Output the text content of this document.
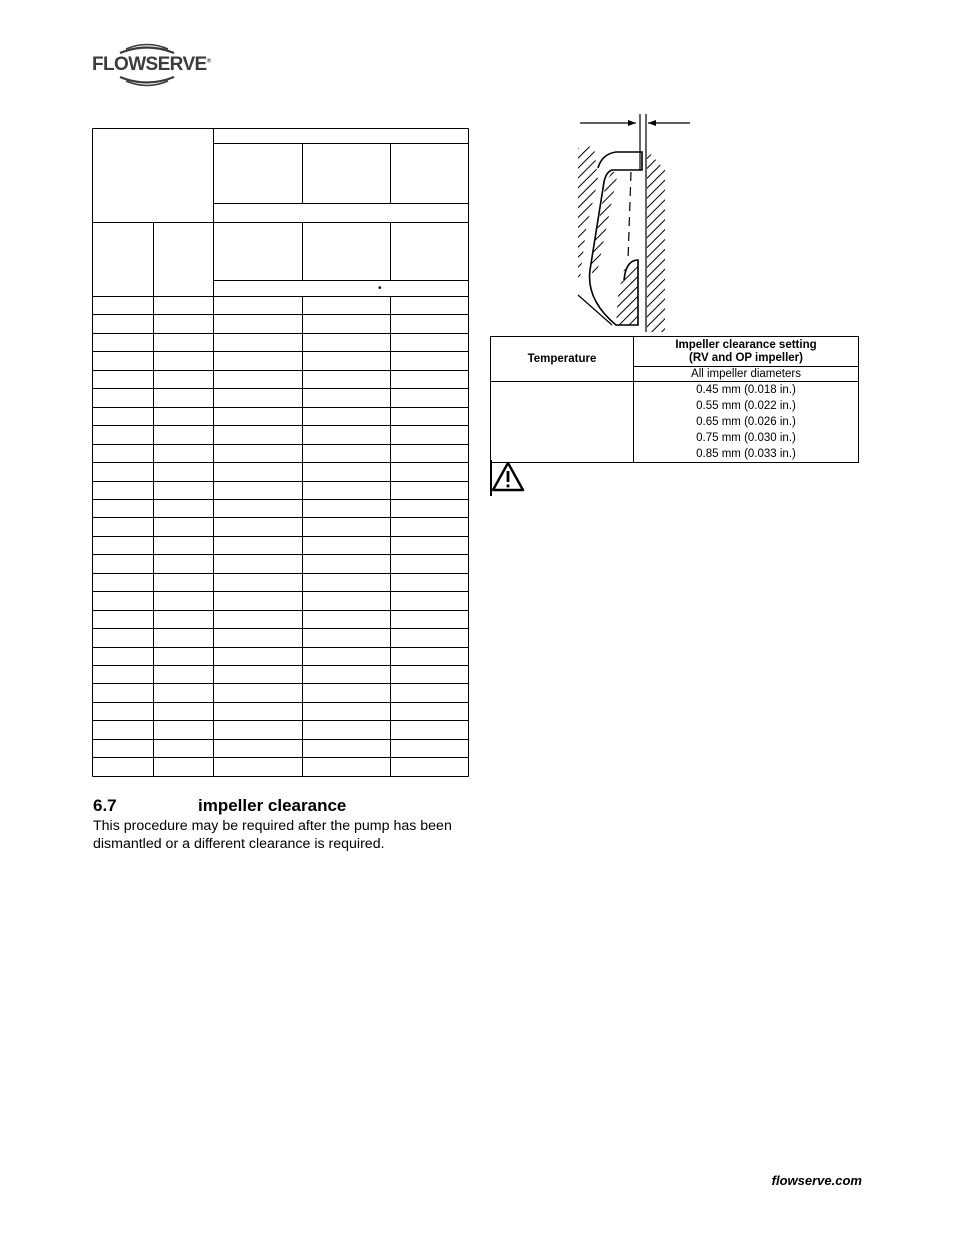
FLOWSERVE®
•
6.7	impeller clearance
This procedure may be required after the pump has been dismantled or a different clearance is required.
Temperature	Impeller clearance setting
(RV and OP impeller)

	All impeller diameters

	0.45 mm (0.018 in.)
0.55 mm (0.022 in.)
0.65 mm (0.026 in.)
0.75 mm (0.030 in.)
0.85 mm (0.033 in.)
flowserve.com
